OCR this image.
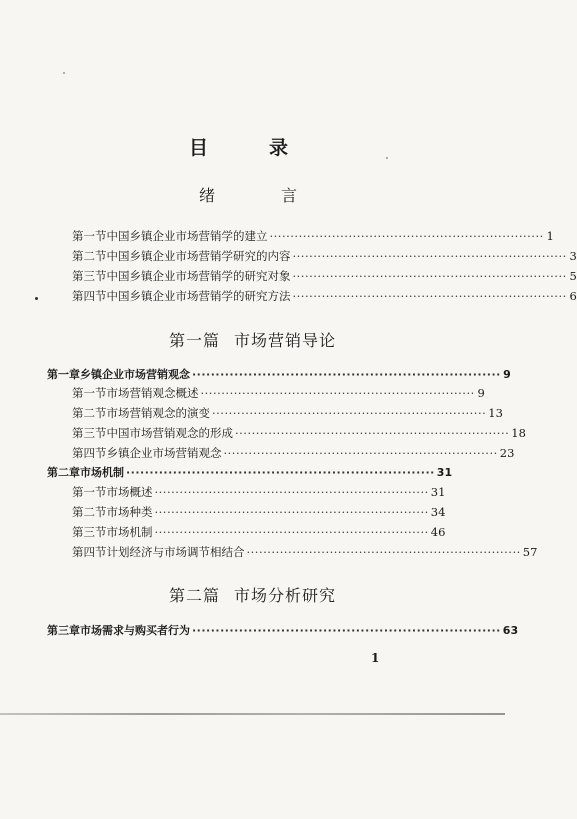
目	录
绪	言
第一节 中国乡镇企业市场营销学的建立 ·································································· 1
第二节 中国乡镇企业市场营销学研究的内容 ·································································· 3
第三节 中国乡镇企业市场营销学的研究对象 ·································································· 5
第四节 中国乡镇企业市场营销学的研究方法 ·································································· 6
第一篇 市场营销导论
第一章 乡镇企业市场营销观念 ·································································· 9
第一节 市场营销观念概述 ·································································· 9
第二节 市场营销观念的演变 ·································································· 13
第三节 中国市场营销观念的形成 ·································································· 18
第四节 乡镇企业市场营销观念 ·································································· 23
第二章 市场机制 ·································································· 31
第一节 市场概述 ·································································· 31
第二节 市场种类 ·································································· 34
第三节 市场机制 ·································································· 46
第四节 计划经济与市场调节相结合 ·································································· 57
第二篇 市场分析研究
第三章 市场需求与购买者行为 ·································································· 63
1
